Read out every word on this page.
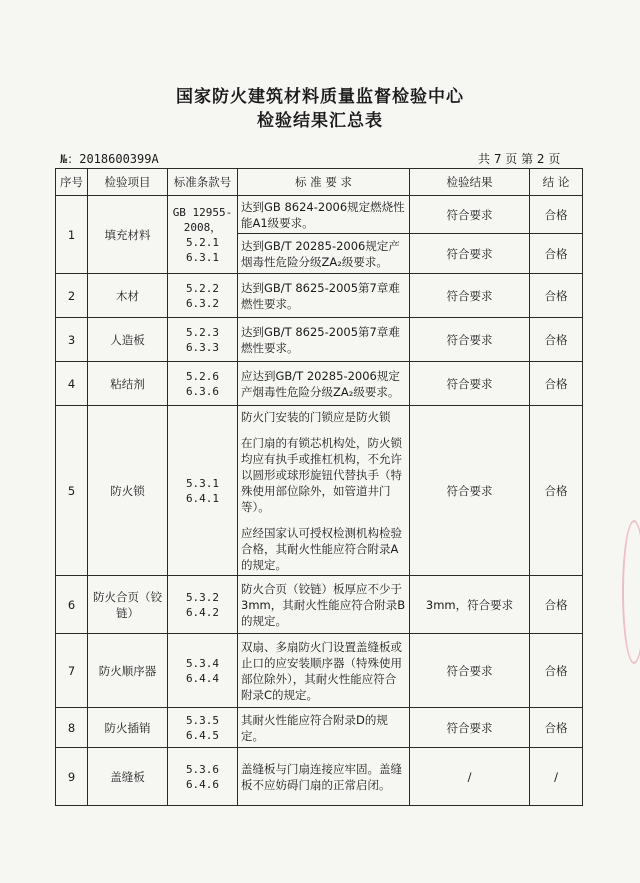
国家防火建筑材料质量监督检验中心
检验结果汇总表
№：2018600399A	共 7 页 第 2 页
序号	检验项目	标准条款号	标 准 要 求	检验结果	结 论
1	填充材料	GB 12955-2008，5.2.1 6.3.1	达到GB 8624-2006规定燃烧性能A1级要求。	符合要求	合格

			达到GB/T 20285-2006规定产烟毒性危险分级ZA₂级要求。	符合要求	合格
2	木材	5.2.2 6.3.2	达到GB/T 8625-2005第7章难燃性要求。	符合要求	合格
3	人造板	5.2.3 6.3.3	达到GB/T 8625-2005第7章难燃性要求。	符合要求	合格
4	粘结剂	5.2.6 6.3.6	应达到GB/T 20285-2006规定产烟毒性危险分级ZA₂级要求。	符合要求	合格
5	防火锁	5.3.1 6.4.1	防火门安装的门锁应是防火锁

在门扇的有锁芯机构处，防火锁均应有执手或推杠机构，不允许以圆形或球形旋钮代替执手（特殊使用部位除外，如管道井门等）。

应经国家认可授权检测机构检验合格，其耐火性能应符合附录A的规定。	符合要求	合格
6	防火合页（铰链）	5.3.2 6.4.2	防火合页（铰链）板厚应不少于3mm，其耐火性能应符合附录B的规定。	3mm，符合要求	合格
7	防火顺序器	5.3.4 6.4.4	双扇、多扇防火门设置盖缝板或止口的应安装顺序器（特殊使用部位除外），其耐火性能应符合附录C的规定。	符合要求	合格
8	防火插销	5.3.5 6.4.5	其耐火性能应符合附录D的规定。	符合要求	合格
9	盖缝板	5.3.6 6.4.6	盖缝板与门扇连接应牢固。盖缝板不应妨碍门扇的正常启闭。	/	/
